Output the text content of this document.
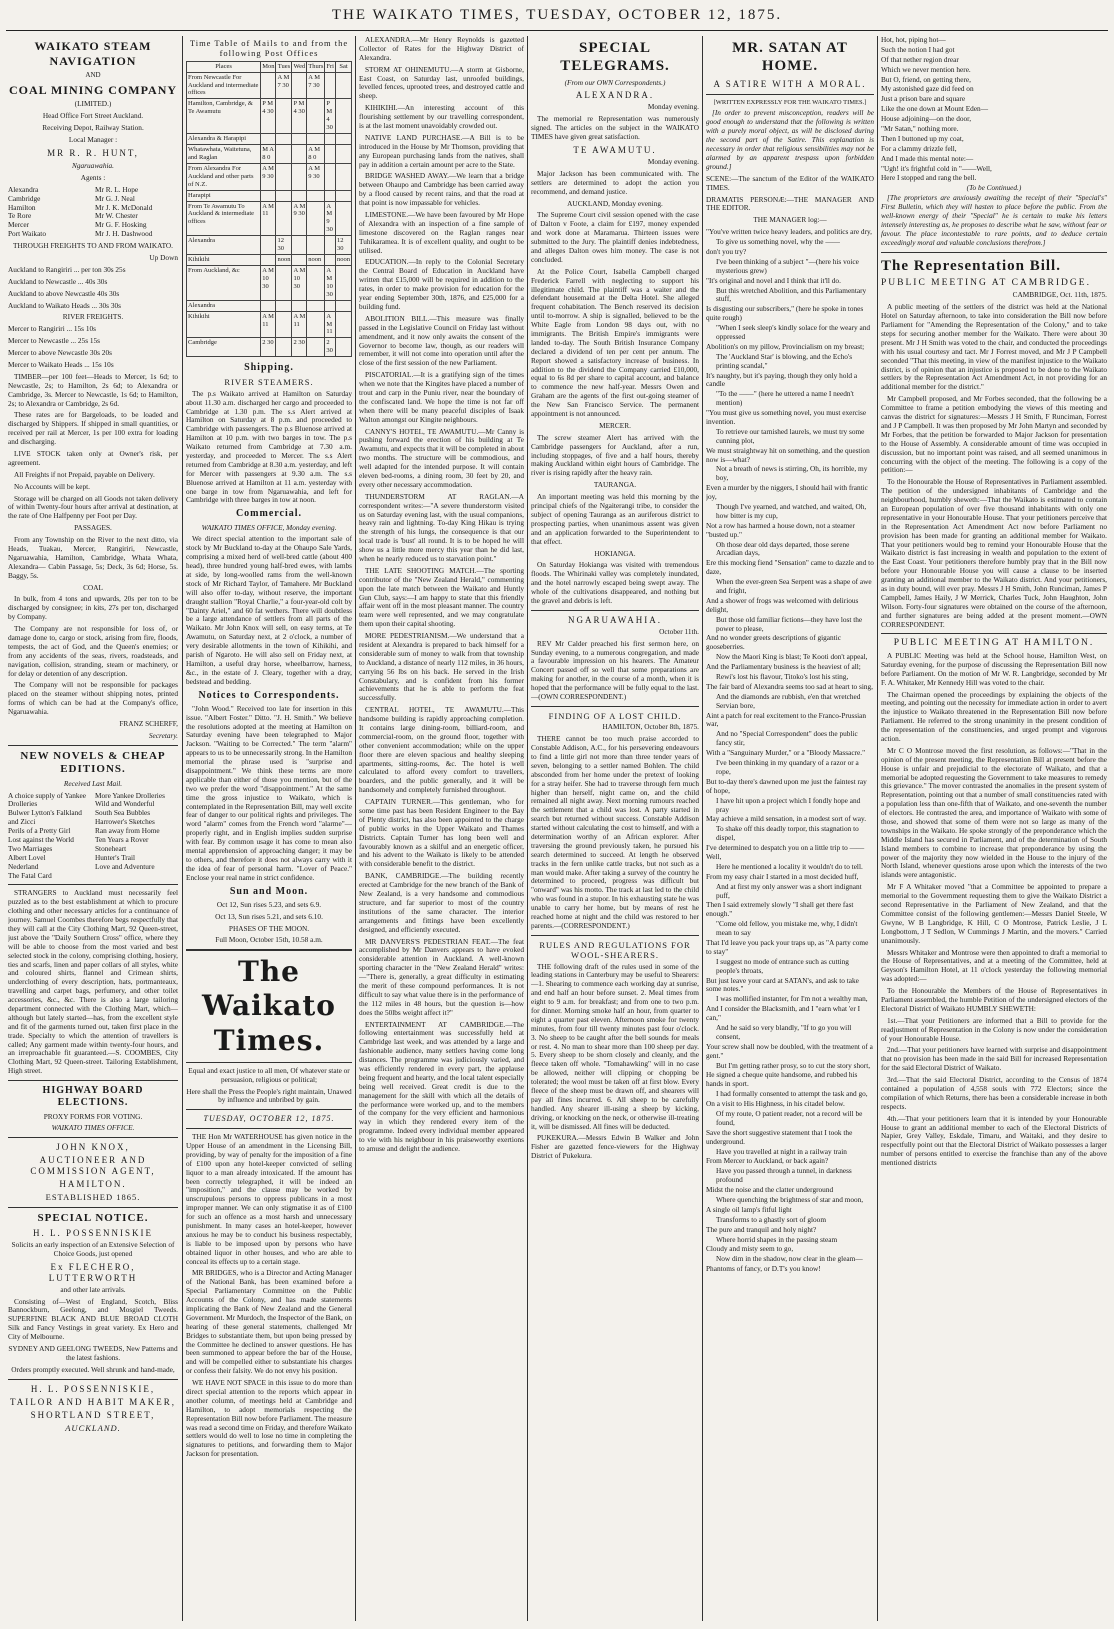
THE WAIKATO TIMES, TUESDAY, OCTOBER 12, 1875.
WAIKATO STEAM NAVIGATION
AND
COAL MINING COMPANY

(LIMITED.)

Head Office Fort Street Auckland.

Receiving Depot, Railway Station.

Local Manager :

MR R. R. HUNT,

Ngaruawahia.

Agents :

Alexandra	Mr R. L. Hope
Cambridge	Mr G. J. Neal
Hamilton	Mr J. K. McDonald
Te Rore	Mr W. Chester
Mercer	Mr G. F. Hosking
Port Waikato	Mr J. H. Dashwood

THROUGH FREIGHTS TO AND FROM WAIKATO.

Up Down

Auckland to Rangiriri ... per ton 30s 25s

Auckland to Newcastle ... 40s 30s

Auckland to above Newcastle 40s 30s

Auckland to Waikato Heads ... 30s 30s

RIVER FREIGHTS.

Mercer to Rangiriri ... 15s 10s

Mercer to Newcastle ... 25s 15s

Mercer to above Newcastle 30s 20s

Mercer to Waikato Heads ... 15s 10s

TIMBER—per 100 feet—Heads to Mercer, 1s 6d; to Newcastle, 2s; to Hamilton, 2s 6d; to Alexandra or Cambridge, 3s. Mercer to Newcastle, 1s 6d; to Hamilton, 2s; to Alexandra or Cambridge, 2s 6d.

These rates are for Bargeloads, to be loaded and discharged by Shippers. If shipped in small quantities, or received per rail at Mercer, 1s per 100 extra for loading and discharging.

LIVE STOCK taken only at Owner's risk, per agreement.

All Freights if not Prepaid, payable on Delivery.

No Accounts will be kept.

Storage will be charged on all Goods not taken delivery of within Twenty-four hours after arrival at destination, at the rate of One Halfpenny per Foot per Day.

PASSAGES.

From any Township on the River to the next ditto, via Heads, Tuakau, Mercer, Rangiriri, Newcastle, Ngaruawahia, Hamilton, Cambridge, Whata Whata, Alexandra— Cabin Passage, 5s; Deck, 3s 6d; Horse, 5s. Baggy, 5s.

COAL

In bulk, from 4 tons and upwards, 20s per ton to be discharged by consignee; in kits, 27s per ton, discharged by Company.

The Company are not responsible for loss of, or damage done to, cargo or stock, arising from fire, floods, tempests, the act of God, and the Queen's enemies; or from any accidents of the seas, rivers, roadsteads, and navigation, collision, stranding, steam or machinery, or for delay or detention of any description.

The Company will not be responsible for packages placed on the steamer without shipping notes, printed forms of which can be had at the Company's office, Ngaruawahia.

FRANZ SCHERFF,

Secretary.

NEW NOVELS & CHEAP EDITIONS.

Received Last Mail.

A choice supply of Yankee Drolleries
Bulwer Lytton's Falkland and Zicci
Perils of a Pretty Girl
Lost against the World
Two Marriages
Albert Lovel
Nederland
The Fatal Card
More Yankee Drolleries
Wild and Wonderful
South Sea Bubbles
Harrower's Sketches
Ran away from Home
Ten Years a Rover
Stoneheart
Hunter's Trail
Love and Adventure

STRANGERS to Auckland must necessarily feel puzzled as to the best establishment at which to procure clothing and other necessary articles for a continuance of journey. Samuel Coombes therefore begs respectfully that they will call at the City Clothing Mart, 92 Queen-street, just above the "Daily Southern Cross" office, where they will be able to choose from the most varied and best selected stock in the colony, comprising clothing, hosiery, ties and scarfs, linen and paper collars of all styles, white and coloured shirts, flannel and Crimean shirts, underclothing of every description, hats, portmanteaux, travelling and carpet bags, perfumery, and other toilet accessories, &c., &c. There is also a large tailoring department connected with the Clothing Mart, which—although but lately started—has, from the excellent style and fit of the garments turned out, taken first place in the trade. Specialty to which the attention of travellers is called; Any garment made within twenty-four hours, and an irreproachable fit guaranteed.—S. COOMBES, City Clothing Mart, 92 Queen-street. Tailoring Establishment, High street.

HIGHWAY BOARD ELECTIONS.

PROXY FORMS FOR VOTING.

WAIKATO TIMES OFFICE.

JOHN KNOX,
AUCTIONEER AND COMMISSION AGENT,
HAMILTON.
ESTABLISHED 1865.
SPECIAL NOTICE.
H. L. POSSENNISKIE

Solicits an early inspection of an Extensive Selection of Choice Goods, just opened

Ex FLECHERO, LUTTERWORTH

and other late arrivals.

Consisting of—West of England, Scotch, Bliss Bannockburn, Geelong, and Mosgiel Tweeds. SUPERFINE BLACK AND BLUE BROAD CLOTH Silk and Fancy Vestings in great variety. Ex Hero and City of Melbourne.

SYDNEY AND GEELONG TWEEDS, New Patterns and the latest fashions.

Orders promptly executed. Well shrunk and hand-made,

H. L. POSSENNISKIE,
TAILOR AND HABIT MAKER,
SHORTLAND STREET,
AUCKLAND.
Time Table of Mails to and from the following Post Offices
Places	Mon	Tues	Wed	Thurs	Fri	Sat
From Newcastle For Auckland and intermediate offices		A M 7 30		A M 7 30		
Hamilton, Cambridge, & Te Awamutu	P M 4 30		P M 4 30		P M 4 30	
Alexandra & Harapipi						
Whatawhata, Waitetuna, and Raglan	M A 8 0			A M 8 0		
From Alexandra For Auckland and other parts of N.Z.	A M 9 30			A M 9 30		
Harapipi						
From Te Awamutu To Auckland & intermediate offices	A M 11		A M 9 30		A M 9 30	
Alexandra		12 30				12 30
Kihikihi		noon		noon		noon
From Auckland, &c	A M 10 30		A M 10 30		A M 10 30	
Alexandra						
Kihikihi	A M 11		A M 11		A M 11	
Cambridge	2 30		2 30		2 30	
Shipping.
RIVER STEAMERS.

The p.s Waikato arrived at Hamilton on Saturday about 11.30 a.m. discharged her cargo and proceeded to Cambridge at 1.30 p.m. The s.s Alert arrived at Hamilton on Saturday at 8 p.m. and proceeded to Cambridge with passengers. The p.s Bluenose arrived at Hamilton at 10 p.m. with two barges in tow. The p.s Waikato returned from Cambridge at 7.30 a.m. yesterday, and proceeded to Mercer. The s.s Alert returned from Cambridge at 8.30 a.m. yesterday, and left for Mercer with passengers at 9.30 a.m. The s.s Bluenose arrived at Hamilton at 11 a.m. yesterday with one barge in tow from Ngaruawahia, and left for Cambridge with three barges in tow at noon.

Commercial.

WAIKATO TIMES OFFICE, Monday evening.

We direct special attention to the important sale of stock by Mr Buckland to-day at the Ohaupo Sale Yards, comprising a mixed herd of well-bred cattle (about 400 head), three hundred young half-bred ewes, with lambs at side, by long-woolled rams from the well-known stock of Mr Richard Taylor, of Tamahere. Mr Buckland will also offer to-day, without reserve, the important draught stallion "Royal Charlie," a four-year-old colt by "Dainty Ariel," and 60 fat wethers. There will doubtless be a large attendance of settlers from all parts of the Waikato. Mr John Knox will sell, on easy terms, at Te Awamutu, on Saturday next, at 2 o'clock, a number of very desirable allotments in the town of Kihikihi, and parish of Ngaroto. He will also sell on Friday next, at Hamilton, a useful dray horse, wheelbarrow, harness, &c., in the estate of J. Cleary, together with a dray, bedstead and bedding.

Notices to Correspondents.

"John Wood." Received too late for insertion in this issue. "Albert Foster." Ditto. "J. H. Smith." We believe the resolutions adopted at the meeting at Hamilton on Saturday evening have been telegraphed to Major Jackson. "Waiting to be Corrected." The term "alarm" appears to us to be unnecessarily strong. In the Hamilton memorial the phrase used is "surprise and disappointment." We think these terms are more applicable than either of those you mention, but of the two we prefer the word "disappointment." At the same time the gross injustice to Waikato, which is contemplated in the Representation Bill, may well excite fear of danger to our political rights and privileges. The word "alarm" comes from the French word "alarme"—properly right, and in English implies sudden surprise with fear. By common usage it has come to mean also mental apprehension of approaching danger; it may be to others, and therefore it does not always carry with it the idea of fear of personal harm. "Lover of Peace." Enclose your real name in strict confidence.

Sun and Moon.

Oct 12, Sun rises 5.23, and sets 6.9.

Oct 13, Sun rises 5.21, and sets 6.10.

PHASES OF THE MOON.

Full Moon, October 15th, 10.58 a.m.

The Waikato Times.

Equal and exact justice to all men, Of whatever state or persuasion, religious or political;

Here shall the Press the People's right maintain, Unawed by influence and unbribed by gain.

TUESDAY, OCTOBER 12, 1875.

THE Hon Mr WATERHOUSE has given notice in the Upper House of an amendment in the Licensing Bill, providing, by way of penalty for the imposition of a fine of £100 upon any hotel-keeper convicted of selling liquor to a man already intoxicated. If the amount has been correctly telegraphed, it will be indeed an "imposition," and the clause may be worked by unscrupulous persons to oppress publicans in a most improper manner. We can only stigmatise it as of £100 for such an offence as a most harsh and unnecessary punishment. In many cases an hotel-keeper, however anxious he may be to conduct his business respectably, is liable to be imposed upon by persons who have obtained liquor in other houses, and who are able to conceal its effects up to a certain stage.

MR BRIDGES, who is a Director and Acting Manager of the National Bank, has been examined before a Special Parliamentary Committee on the Public Accounts of the Colony, and has made statements implicating the Bank of New Zealand and the General Government. Mr Murdoch, the Inspector of the Bank, on hearing of these general statements, challenged Mr Bridges to substantiate them, but upon being pressed by the Committee he declined to answer questions. He has been summoned to appear before the bar of the House, and will be compelled either to substantiate his charges or confess their falsity. We do not envy his position.

WE HAVE NOT SPACE in this issue to do more than direct special attention to the reports which appear in another column, of meetings held at Cambridge and Hamilton, to adopt memorials respecting the Representation Bill now before Parliament. The measure was read a second time on Friday, and therefore Waikato settlers would do well to lose no time in completing the signatures to petitions, and forwarding them to Major Jackson for presentation.

ALEXANDRA.—Mr Henry Reynolds is gazetted Collector of Rates for the Highway District of Alexandra.

STORM AT OHINEMUTU.—A storm at Gisborne, East Coast, on Saturday last, unroofed buildings, levelled fences, uprooted trees, and destroyed cattle and sheep.

KIHIKIHI.—An interesting account of this flourishing settlement by our travelling correspondent, is at the last moment unavoidably crowded out.

NATIVE LAND PURCHASE.—A Bill is to be introduced in the House by Mr Thomson, providing that any European purchasing lands from the natives, shall pay in addition a certain amount per acre to the State.

BRIDGE WASHED AWAY.—We learn that a bridge between Ohaupo and Cambridge has been carried away by a flood caused by recent rains, and that the road at that point is now impassable for vehicles.

LIMESTONE.—We have been favoured by Mr Hope of Alexandra with an inspection of a fine sample of limestone discovered on the Raglan ranges near Tuhikaramea. It is of excellent quality, and ought to be utilised.

EDUCATION.—In reply to the Colonial Secretary the Central Board of Education in Auckland have written that £15,000 will be required in addition to the rates, in order to make provision for education for the year ending September 30th, 1876, and £25,000 for a building fund.

ABOLITION BILL.—This measure was finally passed in the Legislative Council on Friday last without amendment, and it now only awaits the consent of the Governor to become law, though, as our readers will remember, it will not come into operation until after the close of the first session of the new Parliament.

PISCATORIAL.—It is a gratifying sign of the times when we note that the Kingites have placed a number of trout and carp in the Puniu river, near the boundary of the confiscated land. We hope the time is not far off when there will be many peaceful disciples of Isaak Walton amongst our Kingite neighbours.

CANNY'S HOTEL, TE AWAMUTU.—Mr Canny is pushing forward the erection of his building at Te Awamutu, and expects that it will be completed in about two months. The structure will be commodious, and well adapted for the intended purpose. It will contain eleven bed-rooms, a dining room, 30 feet by 20, and every other necessary accommodation.

THUNDERSTORM AT RAGLAN.—A correspondent writes:—"A severe thunderstorm visited us on Saturday evening last, with the usual companions, heavy rain and lightning. To-day King Hikau is trying the strength of his lungs, the consequence is that our local trade is 'bust' all round. It is to be hoped he will show us a little more mercy this year than he did last, when he nearly reduced us to starvation point."

THE LATE SHOOTING MATCH.—The sporting contributor of the "New Zealand Herald," commenting upon the late match between the Waikato and Huntly Gun Club, says:—I am happy to state that this friendly affair went off in the most pleasant manner. The country team were well represented, and we may congratulate them upon their capital shooting.

MORE PEDESTRIANISM.—We understand that a resident at Alexandra is prepared to back himself for a considerable sum of money to walk from that township to Auckland, a distance of nearly 112 miles, in 36 hours, carrying 56 lbs on his back. He served in the Irish Constabulary, and is confident from his former achievements that he is able to perform the feat successfully.

CENTRAL HOTEL, TE AWAMUTU.—This handsome building is rapidly approaching completion. It contains large dining-room, billiard-room, and commercial-room, on the ground floor, together with other convenient accommodation; while on the upper floor there are eleven spacious and healthy sleeping apartments, sitting-rooms, &c. The hotel is well calculated to afford every comfort to travellers, boarders, and the public generally, and it will be handsomely and completely furnished throughout.

CAPTAIN TURNER.—This gentleman, who for some time past has been Resident Engineer to the Bay of Plenty district, has also been appointed to the charge of public works in the Upper Waikato and Thames Districts. Captain Turner has long been well and favourably known as a skilful and an energetic officer, and his advent to the Waikato is likely to be attended with considerable benefit to the district.

BANK, CAMBRIDGE.—The building recently erected at Cambridge for the new branch of the Bank of New Zealand, is a very handsome and commodious structure, and far superior to most of the country institutions of the same character. The interior arrangements and fittings have been excellently designed, and efficiently executed.

MR DANVERS'S PEDESTRIAN FEAT.—The feat accomplished by Mr Danvers appears to have evoked considerable attention in Auckland. A well-known sporting character in the "New Zealand Herald" writes:—"There is, generally, a great difficulty in estimating the merit of these compound performances. It is not difficult to say what value there is in the performance of the 112 miles in 48 hours, but the question is—how does the 50lbs weight affect it?"

ENTERTAINMENT AT CAMBRIDGE.—The following entertainment was successfully held at Cambridge last week, and was attended by a large and fashionable audience, many settlers having come long distances. The programme was judiciously varied, and was efficiently rendered in every part, the applause being frequent and hearty, and the local talent especially being well received. Great credit is due to the management for the skill with which all the details of the performance were worked up, and to the members of the company for the very efficient and harmonious way in which they rendered every item of the programme. Indeed every individual member appeared to vie with his neighbour in his praiseworthy exertions to amuse and delight the audience.

SPECIAL TELEGRAMS.

(From our OWN Correspondents.)

ALEXANDRA.

Monday evening.

The memorial re Representation was numerously signed. The articles on the subject in the WAIKATO TIMES have given great satisfaction.

TE AWAMUTU.

Monday evening.

Major Jackson has been communicated with. The settlers are determined to adopt the action you recommend, and demand justice.

AUCKLAND, Monday evening.

The Supreme Court civil session opened with the case of Dalton v Foote, a claim for £197, money expended and work done at Maramarua. Thirteen issues were submitted to the Jury. The plaintiff denies indebtedness, and alleges Dalton owes him money. The case is not concluded.

At the Police Court, Isabella Campbell charged Frederick Farrell with neglecting to support his illegitimate child. The plaintiff was a waiter and the defendant housemaid at the Delta Hotel. She alleged frequent cohabitation. The Bench reserved its decision until to-morrow. A ship is signalled, believed to be the White Eagle from London 98 days out, with no immigrants. The British Empire's immigrants were landed to-day. The South British Insurance Company declared a dividend of ten per cent per annum. The Report showed a satisfactory increase of business. In addition to the dividend the Company carried £10,000, equal to 6s 8d per share to capital account, and balance to commence the new half-year. Messrs Owen and Graham are the agents of the first out-going steamer of the New San Francisco Service. The permanent appointment is not announced.

MERCER.

The screw steamer Alert has arrived with the Cambridge passengers for Auckland, after a run, including stoppages, of five and a half hours, thereby making Auckland within eight hours of Cambridge. The river is rising rapidly after the heavy rain.

TAURANGA.

An important meeting was held this morning by the principal chiefs of the Ngaiterangi tribe, to consider the subject of opening Tauranga as an auriferous district to prospecting parties, when unanimous assent was given and an application forwarded to the Superintendent to that effect.

HOKIANGA.

On Saturday Hokianga was visited with tremendous floods. The Whirinaki valley was completely inundated, and the hotel narrowly escaped being swept away. The whole of the cultivations disappeared, and nothing but the gravel and debris is left.

NGARUAWAHIA.

October 11th.

REV Mr Calder preached his first sermon here, on Sunday evening, to a numerous congregation, and made a favourable impression on his hearers. The Amateur Concert passed off so well that some preparations are making for another, in the course of a month, when it is hoped that the performance will be fully equal to the last.—(OWN CORRESPONDENT.)

FINDING OF A LOST CHILD.

HAMILTON, October 8th, 1875.

THERE cannot be too much praise accorded to Constable Addison, A.C., for his persevering endeavours to find a little girl not more than three tender years of seven, belonging to a settler named Bohlen. The child absconded from her home under the pretext of looking for a stray heifer. She had to traverse through fern much higher than herself, night came on, and the child remained all night away. Next morning rumours reached the settlement that a child was lost. A party started in search but returned without success. Constable Addison started without calculating the cost to himself, and with a determination worthy of an African explorer. After traversing the ground previously taken, he pursued his search determined to succeed. At length he observed tracks in the fern unlike cattle tracks, but not such as a man would make. After taking a survey of the country he determined to proceed, progress was difficult but "onward" was his motto. The track at last led to the child who was found in a stupor. In his exhausting state he was unable to carry her home, but by means of rest he reached home at night and the child was restored to her parents.—(CORRESPONDENT.)

RULES AND REGULATIONS FOR WOOL-SHEARERS.

THE following draft of the rules used in some of the leading stations in Canterbury may be useful to Shearers:—1. Shearing to commence each working day at sunrise, and end half an hour before sunset. 2. Meal times from eight to 9 a.m. for breakfast; and from one to two p.m. for dinner. Morning smoke half an hour, from quarter to eight a quarter past eleven. Afternoon smoke for twenty minutes, from four till twenty minutes past four o'clock. 3. No sheep to be caught after the bell sounds for meals or rest. 4. No man to shear more than 100 sheep per day. 5. Every sheep to be shorn closely and cleanly, and the fleece taken off whole. "Tomahawking" will in no case be allowed, neither will clipping or chopping be tolerated; the wool must be taken off at first blow. Every fleece of the sheep must be drawn off, and shearers will pay all fines incurred. 6. All sheep to be carefully handled. Any shearer ill-using a sheep by kicking, driving, or knocking on the neck, or otherwise ill-treating it, will be dismissed. All fines will be deducted.

PUKEKURA.—Messrs Edwin B Walker and John Fisher are gazetted fence-viewers for the Highway District of Pukekura.

MR. SATAN AT HOME.
A SATIRE WITH A MORAL.

[WRITTEN EXPRESSLY FOR THE WAIKATO TIMES.]

[In order to prevent misconception, readers will be good enough to understand that the following is written with a purely moral object, as will be disclosed during the second part of the Satire. This explanation is necessary in order that religious sensibilities may not be alarmed by an apparent trespass upon forbidden ground.]

SCENE:—The sanctum of the Editor of the WAIKATO TIMES.

DRAMATIS PERSONÆ:—THE MANAGER AND THE EDITOR.

THE MANAGER log:—

"You've written twice heavy leaders, and politics are dry,

To give us something novel, why the ——

don't you try?

I've been thinking of a subject "—(here his voice mysterious grew)

"It's original and novel and I think that it'll do.

But this wretched Abolition, and this Parliamentary stuff,

Is disgusting our subscribers," (here he spoke in tones quite rough)

"When I seek sleep's kindly solace for the weary and oppressed

Abolition's on my pillow, Provincialism on my breast;

The 'Auckland Star' is blowing, and the Echo's printing scandal,"

It's naughty, but it's paying, though they only hold a candle

"To the ——" (here he uttered a name I needn't mention)

"You must give us something novel, you must exercise invention.

To retrieve our tarnished laurels, we must try some cunning plot,

We must straightway hit on something, and the question now is—what?

Not a breath of news is stirring, Oh, its horrible, my boy,

Even a murder by the niggers, I should hail with frantic joy,

Though I've yearned, and watched, and waited, Oh, how bitter is my cup,

Not a row has harmed a house down, not a steamer "busted up."

Oh those dear old days departed, those serene Arcadian days,

Ere this mocking fiend "Sensation" came to dazzle and to daze,

When the ever-green Sea Serpent was a shape of awe and fright,

And a shower of frogs was welcomed with delirious delight,

But those old familiar fictions—they have lost the power to please,

And no wonder greets descriptions of gigantic gooseberries.

Now the Maori King is blast; Te Kooti don't appeal,

And the Parliamentary business is the heaviest of all;

Rewi's lost his flavour, Titoko's lost his sting,

The fair bard of Alexandra seems too sad at heart to sing,

And the diamonds are rubbish, e'en that wretched Servian bore,

Aint a patch for real excitement to the Franco-Prussian war,

And no "Special Correspondent" does the public fancy stir,

With a "Sanguinary Murder," or a "Bloody Massacre."

I've been thinking in my quandary of a razor or a rope,

But to-day there's dawned upon me just the faintest ray of hope,

I have hit upon a project which I fondly hope and pray

May achieve a mild sensation, in a modest sort of way.

To shake off this deadly torpor, this stagnation to dispel,

I've determined to despatch you on a little trip to —— Well,

Here he mentioned a locality it wouldn't do to tell.

From my easy chair I started in a most decided huff,

And at first my only answer was a short indignant puff,

Then I said extremely slowly "I shall get there fast enough."

"Come old fellow, you mistake me, why, I didn't mean to say

That I'd leave you pack your traps up, as "A party come to stay"

I suggest no mode of entrance such as cutting people's throats,

But just leave your card at SATAN's, and ask to take some notes."

I was mollified instanter, for I'm not a wealthy man,

And I consider the Blacksmith, and I "earn what 'er I can,"

And he said so very blandly, "If to go you will consent,

Your screw shall now be doubled, with the treatment of a gent."

But I'm getting rather prosy, so to cut the story short,

He signed a cheque quite handsome, and rubbed his hands in sport.

I had formally consented to attempt the task and go,

On a visit to His Highness, in his citadel below.

Of my route, O patient reader, not a record will be found,

Save the short suggestive statement that I took the underground.

Have you travelled at night in a railway train

From Mercer to Auckland, or back again?

Have you passed through a tunnel, in darkness profound

Midst the noise and the clatter underground

Where quenching the brightness of star and moon,

A single oil lamp's fitful light

Transforms to a ghastly sort of gloom

The pure and tranquil and holy night?

Where horrid shapes in the passing steam

Cloudy and misty seem to go,

Now dim in the shadow, now clear in the gleam—

Phantoms of fancy, or D.T's you know!

Hot, hot, piping hot—

Such the notion I had got

Of that nether region drear

Which we never mention here.

But O, friend, on getting there,

My astonished gaze did feed on

Just a prison bare and square

Like the one down at Mount Eden—

House adjoining—on the door,

"Mr Satan," nothing more.

Then I buttoned up my coat,

For a clammy drizzle fell,

And I made this mental note:—

"Ugh! it's frightful cold in "——Well,

Here I stopped and rang the bell.

(To be Continued.)

[The proprietors are anxiously awaiting the receipt of their "Special's" First Bulletin, which they will hasten to place before the public. From the well-known energy of their "Special" he is certain to make his letters intensely interesting as, he proposes to describe what he saw, without fear or favour. The place incontestable to rare points, and to deduce certain exceedingly moral and valuable conclusions therefrom.]

The Representation Bill.
PUBLIC MEETING AT CAMBRIDGE.

CAMBRIDGE, Oct. 11th, 1875.

A public meeting of the settlers of the district was held at the National Hotel on Saturday afternoon, to take into consideration the Bill now before Parliament for "Amending the Representation of the Colony," and to take steps for securing another member for the Waikato. There were about 30 present. Mr J H Smith was voted to the chair, and conducted the proceedings with his usual courtesy and tact. Mr J Forrest moved, and Mr J P Campbell seconded "That this meeting, in view of the manifest injustice to the Waikato district, is of opinion that an injustice is proposed to be done to the Waikato settlers by the Representation Act Amendment Act, in not providing for an additional member for the district."

Mr Campbell proposed, and Mr Forbes seconded, that the following be a Committee to frame a petition embodying the views of this meeting and canvas the district for signatures:—Messrs J H Smith, F Runciman, Forrest and J P Campbell. It was then proposed by Mr John Martyn and seconded by Mr Forbes, that the petition be forwarded to Major Jackson for presentation to the House of Assembly. A considerable amount of time was occupied in discussion, but no important point was raised, and all seemed unanimous in concurring with the object of the meeting. The following is a copy of the petition:—

To the Honourable the House of Representatives in Parliament assembled. The petition of the undersigned inhabitants of Cambridge and the neighbourhood, humbly sheweth:—That the Waikato is estimated to contain an European population of over five thousand inhabitants with only one representative in your Honourable House. That your petitioners perceive that in the Representation Act Amendment Act now before Parliament no provision has been made for granting an additional member for Waikato. That your petitioners would beg to remind your Honourable House that the Waikato district is fast increasing in wealth and population to the extent of the East Coast. Your petitioners therefore humbly pray that in the Bill now before your Honourable House you will cause a clause to be inserted granting an additional member to the Waikato district. And your petitioners, as in duty bound, will ever pray. Messrs J H Smith, John Runciman, James P Campbell, James Haily, J W Merrick, Charles Tuck, John Haughton, John Wilson. Forty-four signatures were obtained on the course of the afternoon, and further signatures are being added at the present moment.—OWN CORRESPONDENT.

PUBLIC MEETING AT HAMILTON.

A PUBLIC Meeting was held at the School house, Hamilton West, on Saturday evening, for the purpose of discussing the Representation Bill now before Parliament. On the motion of Mr W. R. Langbridge, seconded by Mr F. A. Whitaker, Mr Kennedy Hill was voted to the chair.

The Chairman opened the proceedings by explaining the objects of the meeting, and pointing out the necessity for immediate action in order to avert the injustice to Waikato threatened in the Representation Bill now before Parliament. He referred to the strong unanimity in the present condition of the representation of the constituencies, and urged prompt and vigorous action.

Mr C O Montrose moved the first resolution, as follows:—"That in the opinion of the present meeting, the Representation Bill at present before the House is unfair and prejudicial to the electorate of Waikato, and that a memorial be adopted requesting the Government to take measures to remedy this grievance." The mover contrasted the anomalies in the present system of Representation, pointing out that a number of small constituencies rated with a population less than one-fifth that of Waikato, and one-seventh the number of electors. He contrasted the area, and importance of Waikato with some of those, and showed that some of them were not so large as many of the townships in the Waikato. He spoke strongly of the preponderance which the Middle Island has secured in Parliament, and of the determination of South Island members to combine to increase that preponderance by using the power of the majority they now wielded in the House to the injury of the North Island, whenever questions arose upon which the interests of the two islands were antagonistic.

Mr F A Whitaker moved "that a Committee be appointed to prepare a memorial to the Government requesting them to give the Waikato District a second Representative in the Parliament of New Zealand, and that the Committee consist of the following gentlemen:—Messrs Daniel Steele, W Gwyne, W B Langbridge, K Hill, C O Montrose, Patrick Leslie, J L Longbottom, J T Sedlon, W Cummings J Martin, and the movers." Carried unanimously.

Messrs Whitaker and Montrose were then appointed to draft a memorial to the House of Representatives, and at a meeting of the Committee, held at Geyson's Hamilton Hotel, at 11 o'clock yesterday the following memorial was adopted:—

To the Honourable the Members of the House of Representatives in Parliament assembled, the humble Petition of the undersigned electors of the Electoral District of Waikato HUMBLY SHEWETH:

1st.—That your Petitioners are informed that a Bill to provide for the readjustment of Representation in the Colony is now under the consideration of your Honourable House.

2nd.—That your petitioners have learned with surprise and disappointment that no provision has been made in the said Bill for increased Representation for the said Electoral District of Waikato.

3rd.—That the said Electoral District, according to the Census of 1874 contained a population of 4,558 souls with 772 Electors; since the compilation of which Returns, there has been a considerable increase in both respects.

4th.—That your petitioners learn that it is intended by your Honourable House to grant an additional member to each of the Electoral Districts of Napier, Grey Valley, Eskdale, Timaru, and Waitaki, and they desire to respectfully point out that the Electoral District of Waikato possesses a larger number of persons entitled to exercise the franchise than any of the above mentioned districts
